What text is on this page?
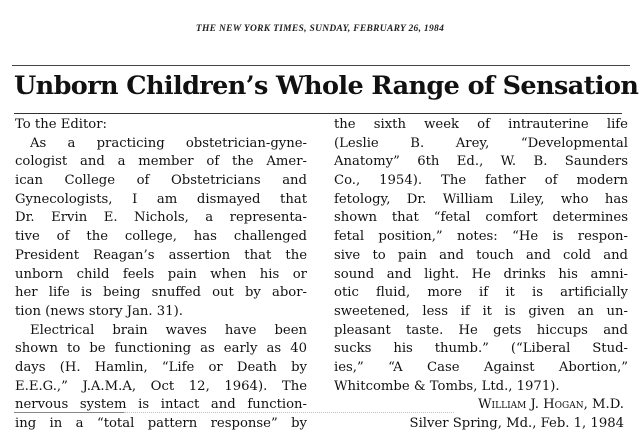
THE NEW YORK TIMES, SUNDAY, FEBRUARY 26, 1984
Unborn Children’s Whole Range of Sensation
To the Editor:
As a practicing obstetrician-gyne-
cologist and a member of the Amer-
ican College of Obstetricians and
Gynecologists, I am dismayed that
Dr. Ervin E. Nichols, a representa-
tive of the college, has challenged
President Reagan’s assertion that the
unborn child feels pain when his or
her life is being snuffed out by abor-
tion (news story Jan. 31).
Electrical brain waves have been
shown to be functioning as early as 40
days (H. Hamlin, “Life or Death by
E.E.G.,” J.A.M.A, Oct 12, 1964). The
nervous system is intact and function-
ing in a “total pattern response” by
the sixth week of intrauterine life
(Leslie B. Arey, “Developmental
Anatomy” 6th Ed., W. B. Saunders
Co., 1954). The father of modern
fetology, Dr. William Liley, who has
shown that “fetal comfort determines
fetal position,” notes: “He is respon-
sive to pain and touch and cold and
sound and light. He drinks his amni-
otic fluid, more if it is artificially
sweetened, less if it is given an un-
pleasant taste. He gets hiccups and
sucks his thumb.” (“Liberal Stud-
ies,” “A Case Against Abortion,”
Whitcombe & Tombs, Ltd., 1971).
William J. Hogan, M.D.
Silver Spring, Md., Feb. 1, 1984
